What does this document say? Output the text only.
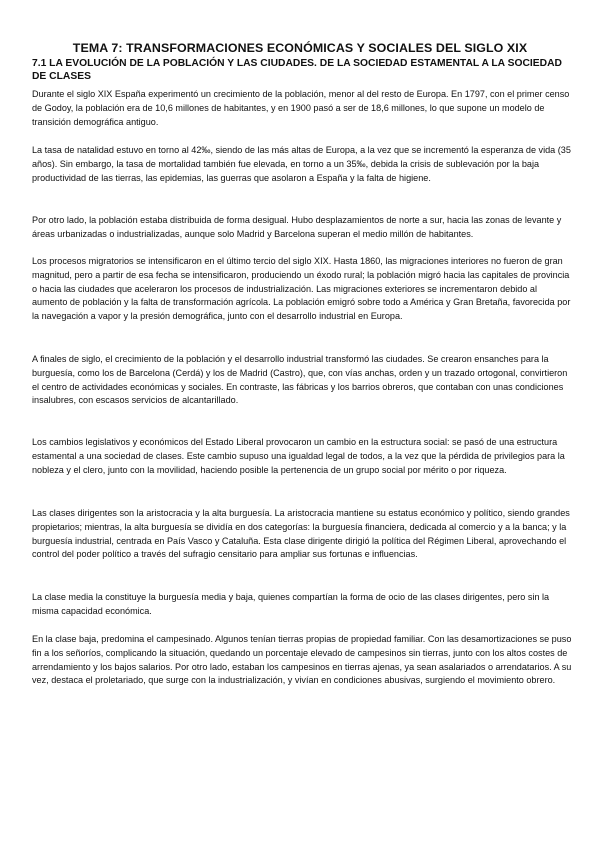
TEMA 7: TRANSFORMACIONES ECONÓMICAS Y SOCIALES DEL SIGLO XIX
7.1 LA EVOLUCIÓN DE LA POBLACIÓN Y LAS CIUDADES. DE LA SOCIEDAD ESTAMENTAL A LA SOCIEDAD DE CLASES

Durante el siglo XIX España experimentó un crecimiento de la población, menor al del resto de Europa. En 1797, con el primer censo de Godoy, la población era de 10,6 millones de habitantes, y en 1900 pasó a ser de 18,6 millones, lo que supone un modelo de transición demográfica antiguo.

La tasa de natalidad estuvo en torno al 42‰, siendo de las más altas de Europa, a la vez que se incrementó la esperanza de vida (35 años). Sin embargo, la tasa de mortalidad también fue elevada, en torno a un 35‰, debida la crisis de sublevación por la baja productividad de las tierras, las epidemias, las guerras que asolaron a España y la falta de higiene.

Por otro lado, la población estaba distribuida de forma desigual. Hubo desplazamientos de norte a sur, hacia las zonas de levante y áreas urbanizadas o industrializadas, aunque solo Madrid y Barcelona superan el medio millón de habitantes.

Los procesos migratorios se intensificaron en el último tercio del siglo XIX. Hasta 1860, las migraciones interiores no fueron de gran magnitud, pero a partir de esa fecha se intensificaron, produciendo un éxodo rural; la población migró hacia las capitales de provincia o hacia las ciudades que aceleraron los procesos de industrialización. Las migraciones exteriores se incrementaron debido al aumento de población y la falta de transformación agrícola. La población emigró sobre todo a América y Gran Bretaña, favorecida por la navegación a vapor y la presión demográfica, junto con el desarrollo industrial en Europa.

A finales de siglo, el crecimiento de la población y el desarrollo industrial transformó las ciudades. Se crearon ensanches para la burguesía, como los de Barcelona (Cerdá) y los de Madrid (Castro), que, con vías anchas, orden y un trazado ortogonal, convirtieron el centro de actividades económicas y sociales. En contraste, las fábricas y los barrios obreros, que contaban con unas condiciones insalubres, con escasos servicios de alcantarillado.

Los cambios legislativos y económicos del Estado Liberal provocaron un cambio en la estructura social: se pasó de una estructura estamental a una sociedad de clases. Este cambio supuso una igualdad legal de todos, a la vez que la pérdida de privilegios para la nobleza y el clero, junto con la movilidad, haciendo posible la pertenencia de un grupo social por mérito o por riqueza.

Las clases dirigentes son la aristocracia y la alta burguesía. La aristocracia mantiene su estatus económico y político, siendo grandes propietarios; mientras, la alta burguesía se dividía en dos categorías: la burguesía financiera, dedicada al comercio y a la banca; y la burguesía industrial, centrada en País Vasco y Cataluña. Esta clase dirigente dirigió la política del Régimen Liberal, aprovechando el control del poder político a través del sufragio censitario para ampliar sus fortunas e influencias.

La clase media la constituye la burguesía media y baja, quienes compartían la forma de ocio de las clases dirigentes, pero sin la misma capacidad económica.

En la clase baja, predomina el campesinado. Algunos tenían tierras propias de propiedad familiar. Con las desamortizaciones se puso fin a los señoríos, complicando la situación, quedando un porcentaje elevado de campesinos sin tierras, junto con los altos costes de arrendamiento y los bajos salarios. Por otro lado, estaban los campesinos en tierras ajenas, ya sean asalariados o arrendatarios. A su vez, destaca el proletariado, que surge con la industrialización, y vivían en condiciones abusivas, surgiendo el movimiento obrero.
